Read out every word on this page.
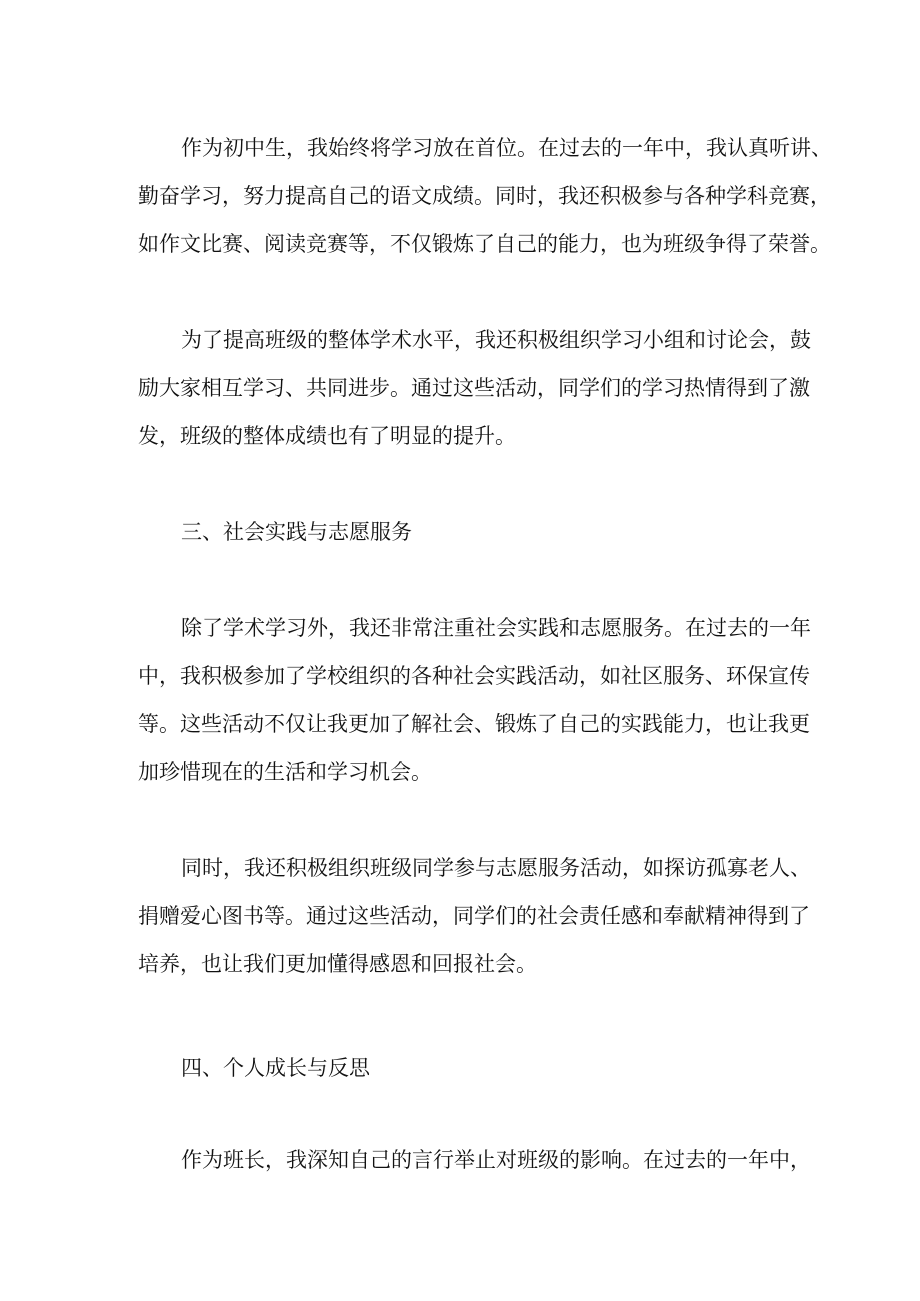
作为初中生，我始终将学习放在首位。在过去的一年中，我认真听讲、
勤奋学习，努力提高自己的语文成绩。同时，我还积极参与各种学科竞赛，
如作文比赛、阅读竞赛等，不仅锻炼了自己的能力，也为班级争得了荣誉。
为了提高班级的整体学术水平，我还积极组织学习小组和讨论会，鼓
励大家相互学习、共同进步。通过这些活动，同学们的学习热情得到了激
发，班级的整体成绩也有了明显的提升。
三、社会实践与志愿服务
除了学术学习外，我还非常注重社会实践和志愿服务。在过去的一年
中，我积极参加了学校组织的各种社会实践活动，如社区服务、环保宣传
等。这些活动不仅让我更加了解社会、锻炼了自己的实践能力，也让我更
加珍惜现在的生活和学习机会。
同时，我还积极组织班级同学参与志愿服务活动，如探访孤寡老人、
捐赠爱心图书等。通过这些活动，同学们的社会责任感和奉献精神得到了
培养，也让我们更加懂得感恩和回报社会。
四、个人成长与反思
作为班长，我深知自己的言行举止对班级的影响。在过去的一年中，
